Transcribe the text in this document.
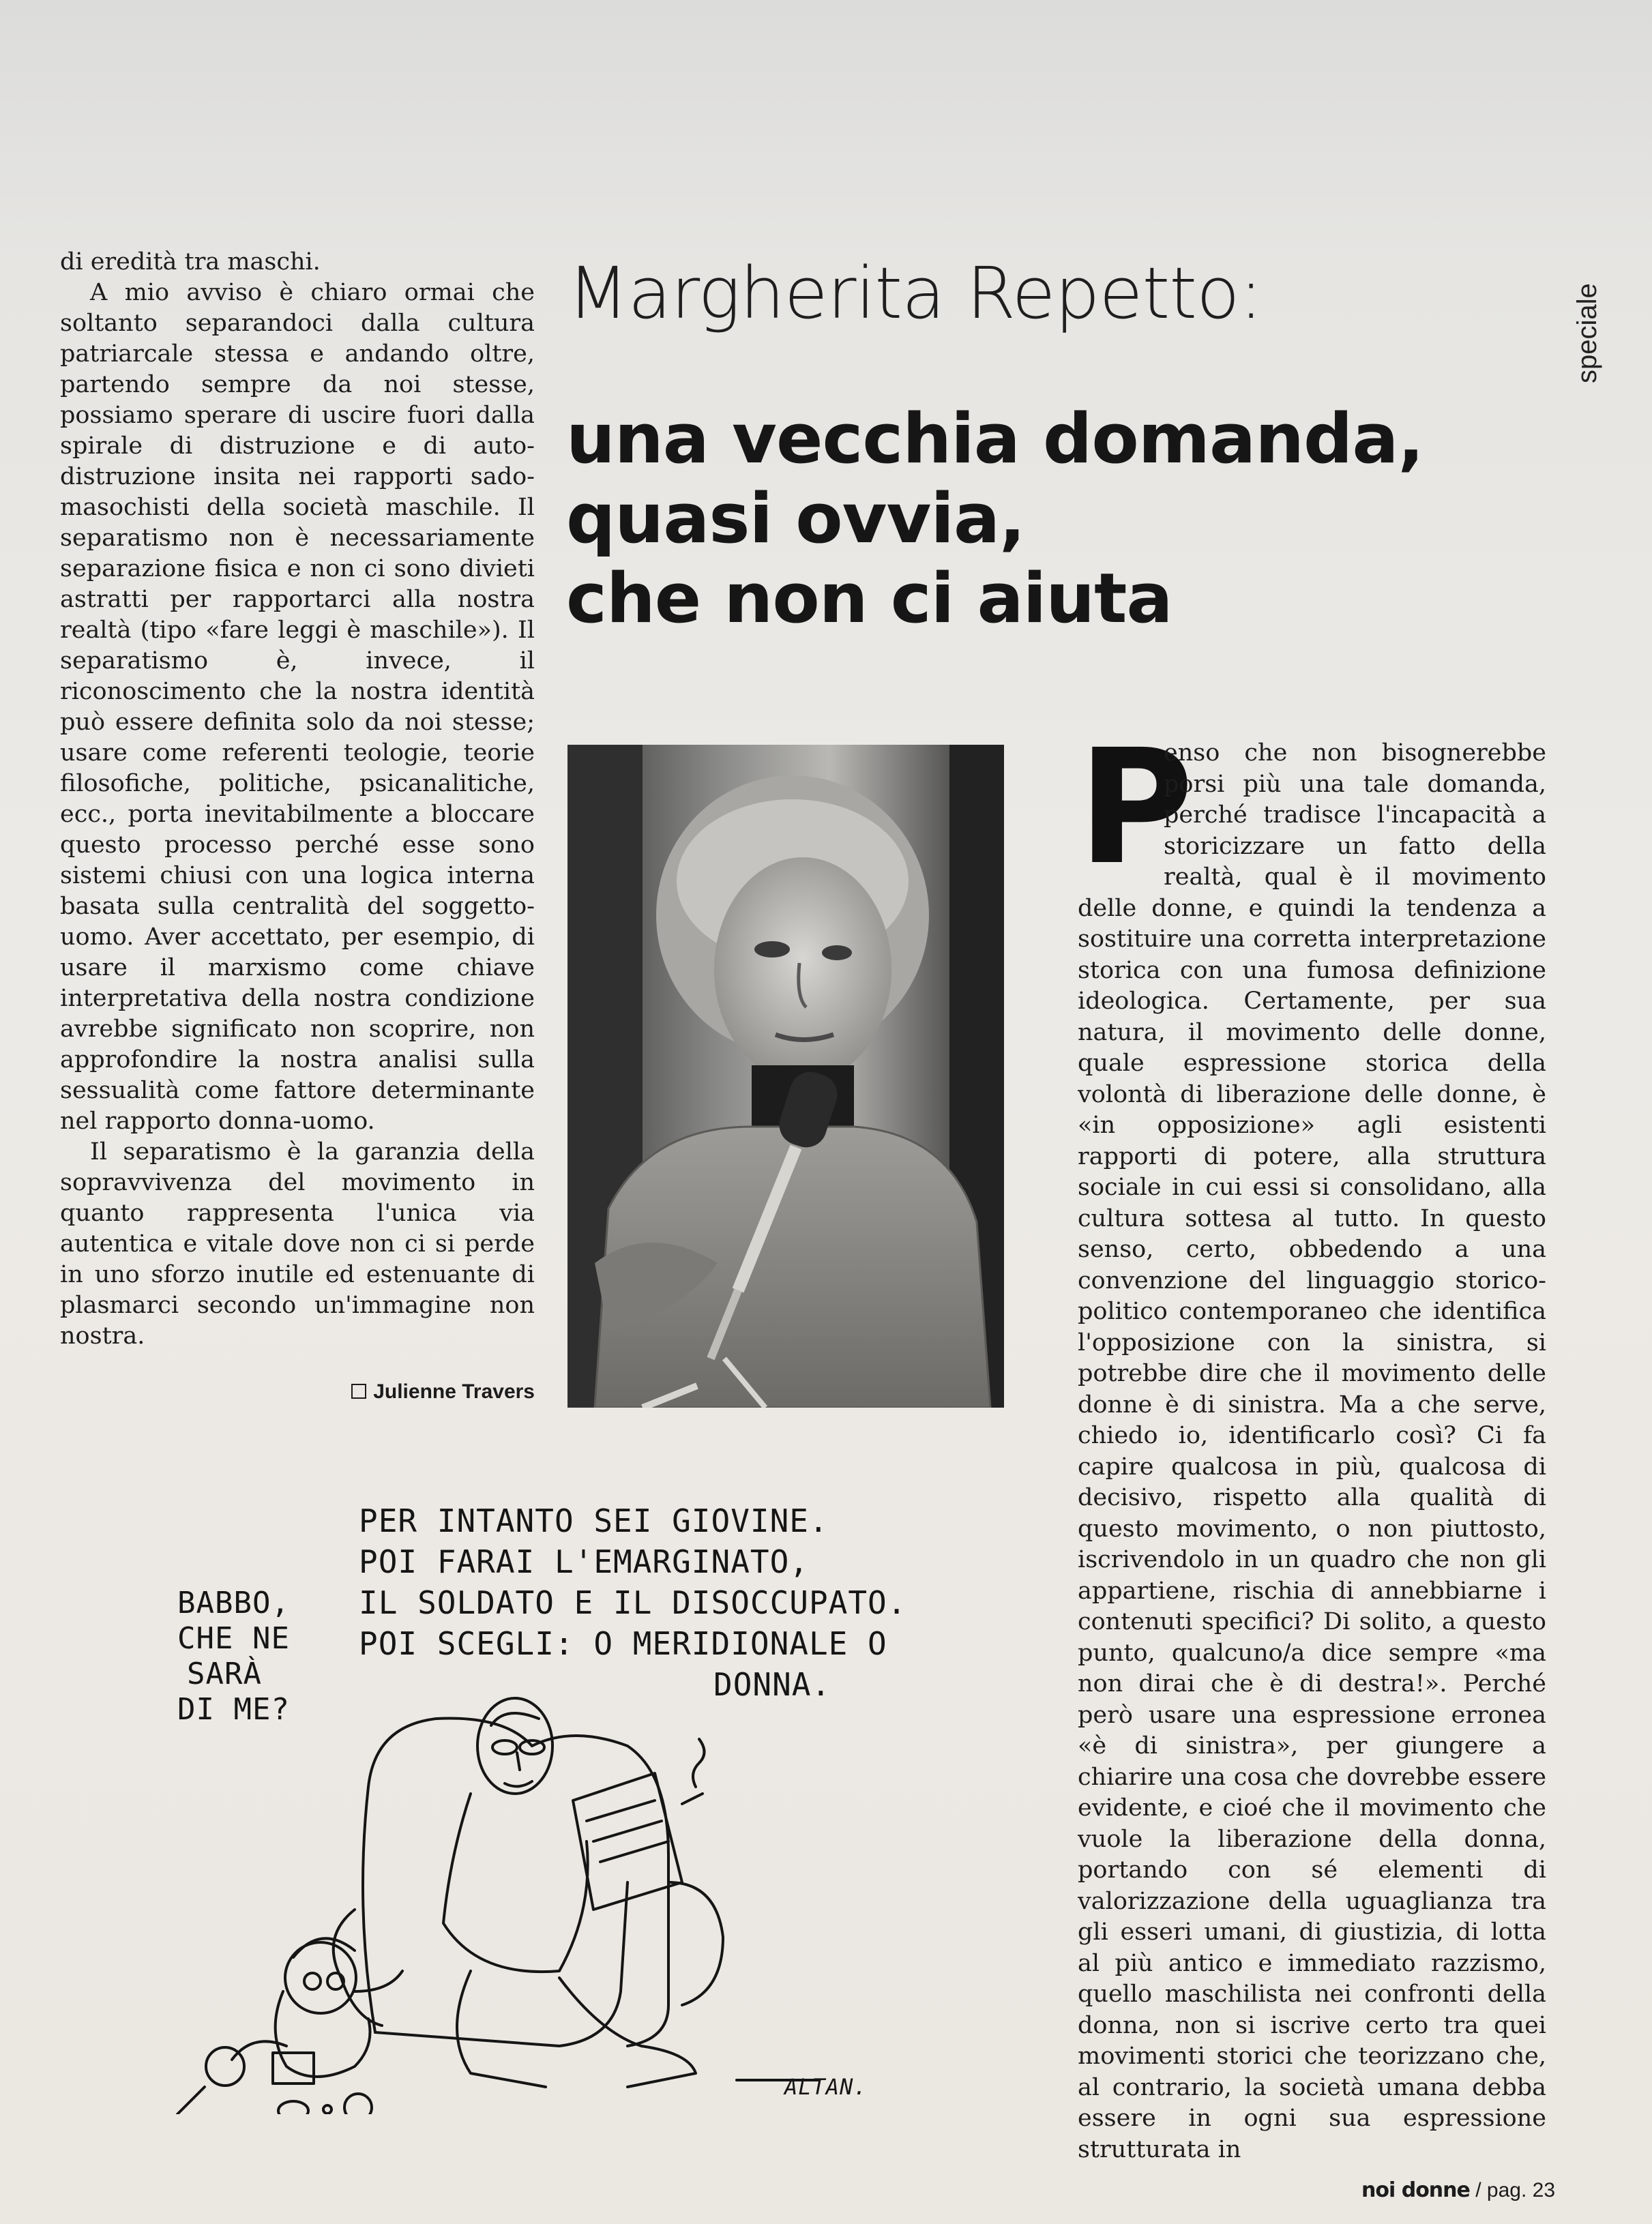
di eredità tra maschi.

A mio avviso è chiaro ormai che soltanto separandoci dalla cultura patriarcale stessa e andando oltre, partendo sempre da noi stesse, possiamo sperare di uscire fuori dalla spirale di distruzione e di auto-distruzione insita nei rapporti sado-masochisti della società maschile. Il separatismo non è necessariamente separazione fisica e non ci sono divieti astratti per rapportarci alla nostra realtà (tipo «fare leggi è maschile»). Il separatismo è, invece, il riconoscimento che la nostra identità può essere definita solo da noi stesse; usare come referenti teologie, teorie filosofiche, politiche, psicanalitiche, ecc., porta inevitabilmente a bloccare questo processo perché esse sono sistemi chiusi con una logica interna basata sulla centralità del soggetto-uomo. Aver accettato, per esempio, di usare il marxismo come chiave interpretativa della nostra condizione avrebbe significato non scoprire, non approfondire la nostra analisi sulla sessualità come fattore determinante nel rapporto donna-uomo.

Il separatismo è la garanzia della sopravvivenza del movimento in quanto rappresenta l'unica via autentica e vitale dove non ci si perde in uno sforzo inutile ed estenuante di plasmarci secondo un'immagine non nostra.

Julienne Travers
speciale
Margherita Repetto:
una vecchia domanda,
quasi ovvia,
che non ci aiuta
P

enso che non bisognerebbe porsi più una tale domanda, perché tradisce l'incapacità a storicizzare un fatto della realtà, qual è il movimento delle donne, e quindi la tendenza a sostituire una corretta interpretazione storica con una fumosa definizione ideologica. Certamente, per sua natura, il movimento delle donne, quale espressione storica della volontà di liberazione delle donne, è «in opposizione» agli esistenti rapporti di potere, alla struttura sociale in cui essi si consolidano, alla cultura sottesa al tutto. In questo senso, certo, obbedendo a una convenzione del linguaggio storico-politico contemporaneo che identifica l'opposizione con la sinistra, si potrebbe dire che il movimento delle donne è di sinistra. Ma a che serve, chiedo io, identificarlo così? Ci fa capire qualcosa in più, qualcosa di decisivo, rispetto alla qualità di questo movimento, o non piuttosto, iscrivendolo in un quadro che non gli appartiene, rischia di annebbiarne i contenuti specifici? Di solito, a questo punto, qualcuno/a dice sempre «ma non dirai che è di destra!». Perché però usare una espressione erronea «è di sinistra», per giungere a chiarire una cosa che dovrebbe essere evidente, e cioé che il movimento che vuole la liberazione della donna, portando con sé elementi di valorizzazione della uguaglianza tra gli esseri umani, di giustizia, di lotta al più antico e immediato razzismo, quello maschilista nei confronti della donna, non si iscrive certo tra quei movimenti storici che teorizzano che, al contrario, la società umana debba essere in ogni sua espressione strutturata in

PER INTANTO SEI GIOVINE.
POI FARAI L'EMARGINATO,
IL SOLDATO E IL DISOCCUPATO.
POI SCEGLI: O MERIDIONALE O
DONNA.
BABBO,
CHE NE
SARÀ
DI ME?
ALTAN.
noi donne / pag. 23
